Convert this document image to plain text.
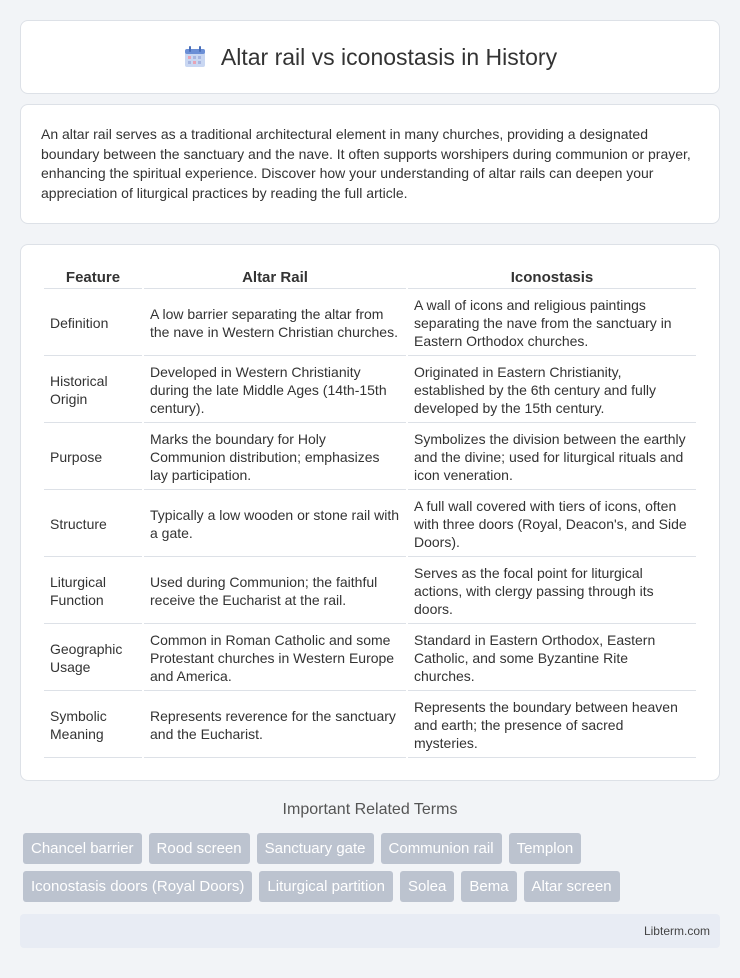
Altar rail vs iconostasis in History

An altar rail serves as a traditional architectural element in many churches, providing a designated boundary between the sanctuary and the nave. It often supports worshipers during communion or prayer, enhancing the spiritual experience. Discover how your understanding of altar rails can deepen your appreciation of liturgical practices by reading the full article.

Feature	Altar Rail	Iconostasis
Definition	A low barrier separating the altar from the nave in Western Christian churches.	A wall of icons and religious paintings separating the nave from the sanctuary in Eastern Orthodox churches.
Historical Origin	Developed in Western Christianity during the late Middle Ages (14th-15th century).	Originated in Eastern Christianity, established by the 6th century and fully developed by the 15th century.
Purpose	Marks the boundary for Holy Communion distribution; emphasizes lay participation.	Symbolizes the division between the earthly and the divine; used for liturgical rituals and icon veneration.
Structure	Typically a low wooden or stone rail with a gate.	A full wall covered with tiers of icons, often with three doors (Royal, Deacon's, and Side Doors).
Liturgical Function	Used during Communion; the faithful receive the Eucharist at the rail.	Serves as the focal point for liturgical actions, with clergy passing through its doors.
Geographic Usage	Common in Roman Catholic and some Protestant churches in Western Europe and America.	Standard in Eastern Orthodox, Eastern Catholic, and some Byzantine Rite churches.
Symbolic Meaning	Represents reverence for the sanctuary and the Eucharist.	Represents the boundary between heaven and earth; the presence of sacred mysteries.
Important Related Terms
Chancel barrier	Rood screen	Sanctuary gate	Communion rail	Templon
Iconostasis doors (Royal Doors)	Liturgical partition	Solea	Bema	Altar screen
Libterm.com
